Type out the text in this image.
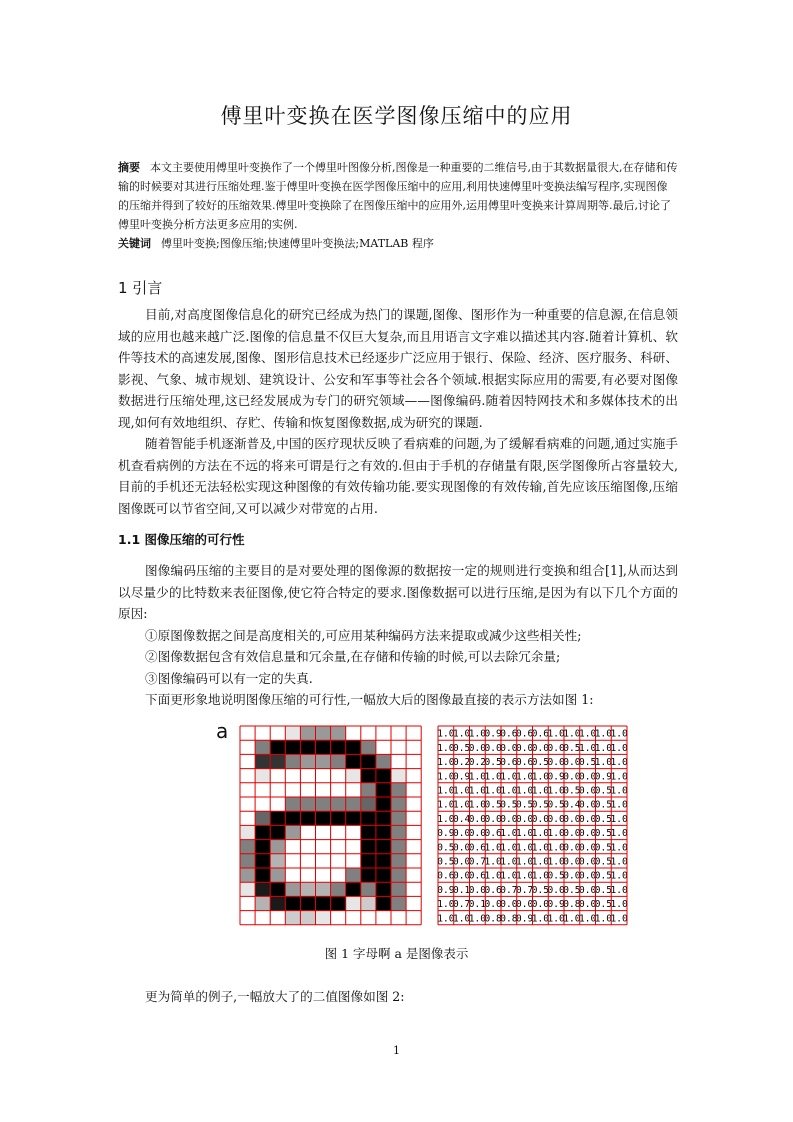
傅里叶变换在医学图像压缩中的应用

摘要 本文主要使用傅里叶变换作了一个傅里叶图像分析,图像是一种重要的二维信号,由于其数据量很大,在存储和传输的时候要对其进行压缩处理.鉴于傅里叶变换在医学图像压缩中的应用,利用快速傅里叶变换法编写程序,实现图像的压缩并得到了较好的压缩效果.傅里叶变换除了在图像压缩中的应用外,运用傅里叶变换来计算周期等.最后,讨论了傅里叶变换分析方法更多应用的实例.

关键词 傅里叶变换;图像压缩;快速傅里叶变换法;MATLAB 程序

1 引言

目前,对高度图像信息化的研究已经成为热门的课题,图像、图形作为一种重要的信息源,在信息领域的应用也越来越广泛.图像的信息量不仅巨大复杂,而且用语言文字难以描述其内容.随着计算机、软件等技术的高速发展,图像、图形信息技术已经逐步广泛应用于银行、保险、经济、医疗服务、科研、影视、气象、城市规划、建筑设计、公安和军事等社会各个领域.根据实际应用的需要,有必要对图像数据进行压缩处理,这已经发展成为专门的研究领域——图像编码.随着因特网技术和多媒体技术的出现,如何有效地组织、存贮、传输和恢复图像数据,成为研究的课题.

随着智能手机逐渐普及,中国的医疗现状反映了看病难的问题,为了缓解看病难的问题,通过实施手机查看病例的方法在不远的将来可谓是行之有效的.但由于手机的存储量有限,医学图像所占容量较大,目前的手机还无法轻松实现这种图像的有效传输功能.要实现图像的有效传输,首先应该压缩图像,压缩图像既可以节省空间,又可以减少对带宽的占用.

1.1 图像压缩的可行性

图像编码压缩的主要目的是对要处理的图像源的数据按一定的规则进行变换和组合[1],从而达到以尽量少的比特数来表征图像,使它符合特定的要求.图像数据可以进行压缩,是因为有以下几个方面的原因:

①原图像数据之间是高度相关的,可应用某种编码方法来提取或减少这些相关性;

②图像数据包含有效信息量和冗余量,在存储和传输的时候,可以去除冗余量;

③图像编码可以有一定的失真.

下面更形象地说明图像压缩的可行性,一幅放大后的图像最直接的表示方法如图 1:

a	1.0
1.0
1.0
0.9
0.6
0.6
0.6
1.0
1.0
1.0
1.0
1.0
1.0
0.5
0.0
0.0
0.0
0.0
0.0
0.0
0.5
1.0
1.0
1.0
1.0
0.2
0.2
0.5
0.6
0.6
0.5
0.0
0.0
0.5
1.0
1.0
1.0
0.9
1.0
1.0
1.0
1.0
1.0
0.9
0.0
0.0
0.9
1.0
1.0
1.0
1.0
1.0
1.0
1.0
1.0
1.0
0.5
0.0
0.5
1.0
1.0
1.0
1.0
0.5
0.5
0.5
0.5
0.5
0.4
0.0
0.5
1.0
1.0
0.4
0.0
0.0
0.0
0.0
0.0
0.0
0.0
0.0
0.5
1.0
0.9
0.0
0.0
0.6
1.0
1.0
1.0
1.0
0.0
0.0
0.5
1.0
0.5
0.0
0.6
1.0
1.0
1.0
1.0
1.0
0.0
0.0
0.5
1.0
0.5
0.0
0.7
1.0
1.0
1.0
1.0
1.0
0.0
0.0
0.5
1.0
0.6
0.0
0.6
1.0
1.0
1.0
1.0
0.5
0.0
0.0
0.5
1.0
0.9
0.1
0.0
0.6
0.7
0.7
0.5
0.0
0.5
0.0
0.5
1.0
1.0
0.7
0.1
0.0
0.0
0.0
0.0
0.9
0.8
0.0
0.5
1.0
1.0
1.0
1.0
0.8
0.8
0.9
1.0
1.0
1.0
1.0
1.0
1.0
图 1 字母啊 a 是图像表示

更为简单的例子,一幅放大了的二值图像如图 2:

1
